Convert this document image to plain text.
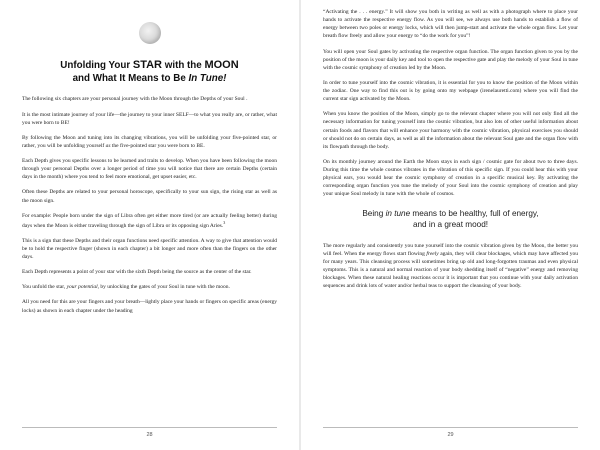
Unfolding Your STAR with the MOON
and What It Means to Be In Tune!

The following six chapters are your personal journey with the Moon through the Depths of your Soul .

It is the most intimate journey of your life—the journey to your inner SELF—to what you really are, or rather, what you were born to BE!

By following the Moon and tuning into its changing vibrations, you will be unfolding your five-pointed star, or rather, you will be unfolding yourself as the five-pointed star you were born to BE.

Each Depth gives you specific lessons to be learned and traits to develop. When you have been following the moon through your personal Depths over a longer period of time you will notice that there are certain Depths (certain days in the month) where you tend to feel more emotional, get upset easier, etc.

Often these Depths are related to your personal horoscope, specifically to your sun sign, the rising star as well as the moon sign.

For example: People born under the sign of Libra often get either more tired (or are actually feeling better) during days when the Moon is either traveling through the sign of Libra or its opposing sign Aries.$^3$

This is a sign that these Depths and their organ functions need specific attention. A way to give that attention would be to hold the respective finger (shown in each chapter) a bit longer and more often than the fingers on the other days.

Each Depth represents a point of your star with the sixth Depth being the source as the center of the star.

You unfold the star, your potential, by unlocking the gates of your Soul in tune with the moon.

All you need for this are your fingers and your breath—lightly place your hands or fingers on specific areas (energy locks) as shown in each chapter under the heading

28

“Activating the . . . energy.” It will show you both in writing as well as with a photograph where to place your hands to activate the respective energy flow. As you will see, we always use both hands to establish a flow of energy between two poles or energy locks, which will then jump-start and activate the whole organ flow. Let your breath flow freely and allow your energy to “do the work for you”!

You will open your Soul gates by activating the respective organ function. The organ function given to you by the position of the moon is your daily key and tool to open the respective gate and play the melody of your Soul in tune with the cosmic symphony of creation led by the Moon.

In order to tune yourself into the cosmic vibration, it is essential for you to know the position of the Moon within the zodiac. One way to find this out is by going onto my webpage (irenelauretti.com) where you will find the current star sign activated by the Moon.

When you know the position of the Moon, simply go to the relevant chapter where you will not only find all the necessary information for tuning yourself into the cosmic vibration, but also lots of other useful information about certain foods and flavors that will enhance your harmony with the cosmic vibration, physical exercises you should or should not do on certain days, as well as all the information about the relevant Soul gate and the organ flow with its flowpath through the body.

On its monthly journey around the Earth the Moon stays in each sign / cosmic gate for about two to three days. During this time the whole cosmos vibrates in the vibration of this specific sign. If you could hear this with your physical ears, you would hear the cosmic symphony of creation in a specific musical key. By activating the corresponding organ function you tune the melody of your Soul into the cosmic symphony of creation and play your unique Soul melody in tune with the whole of cosmos.

Being in tune means to be healthy, full of energy,
and in a great mood!

The more regularly and consistently you tune yourself into the cosmic vibration given by the Moon, the better you will feel. When the energy flows start flowing freely again, they will clear blockages, which may have affected you for many years. This cleansing process will sometimes bring up old and long-forgotten traumas and even physical symptoms. This is a natural and normal reaction of your body shedding itself of “negative” energy and removing blockages. When these natural healing reactions occur it is important that you continue with your daily activation sequences and drink lots of water and/or herbal teas to support the cleansing of your body.

29
